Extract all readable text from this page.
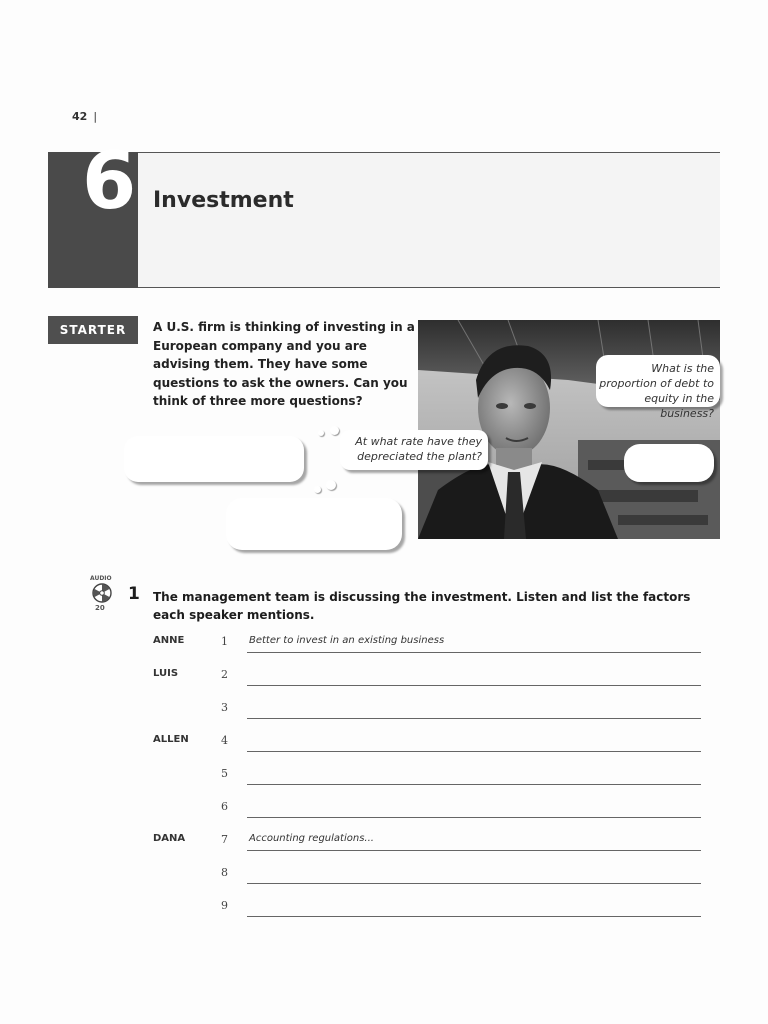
42 |
6 Investment
STARTER	A U.S. firm is thinking of investing in a European company and you are advising them. They have some questions to ask the owners. Can you think of three more questions?
What is the proportion of debt to equity in the business?
At what rate have they depreciated the plant?
AUDIO
20
1 The management team is discussing the investment. Listen and list the factors each speaker mentions.
ANNE	1 Better to invest in an existing business
LUIS	2
3
ALLEN	4
5
6
DANA	7 Accounting regulations...
8
9
